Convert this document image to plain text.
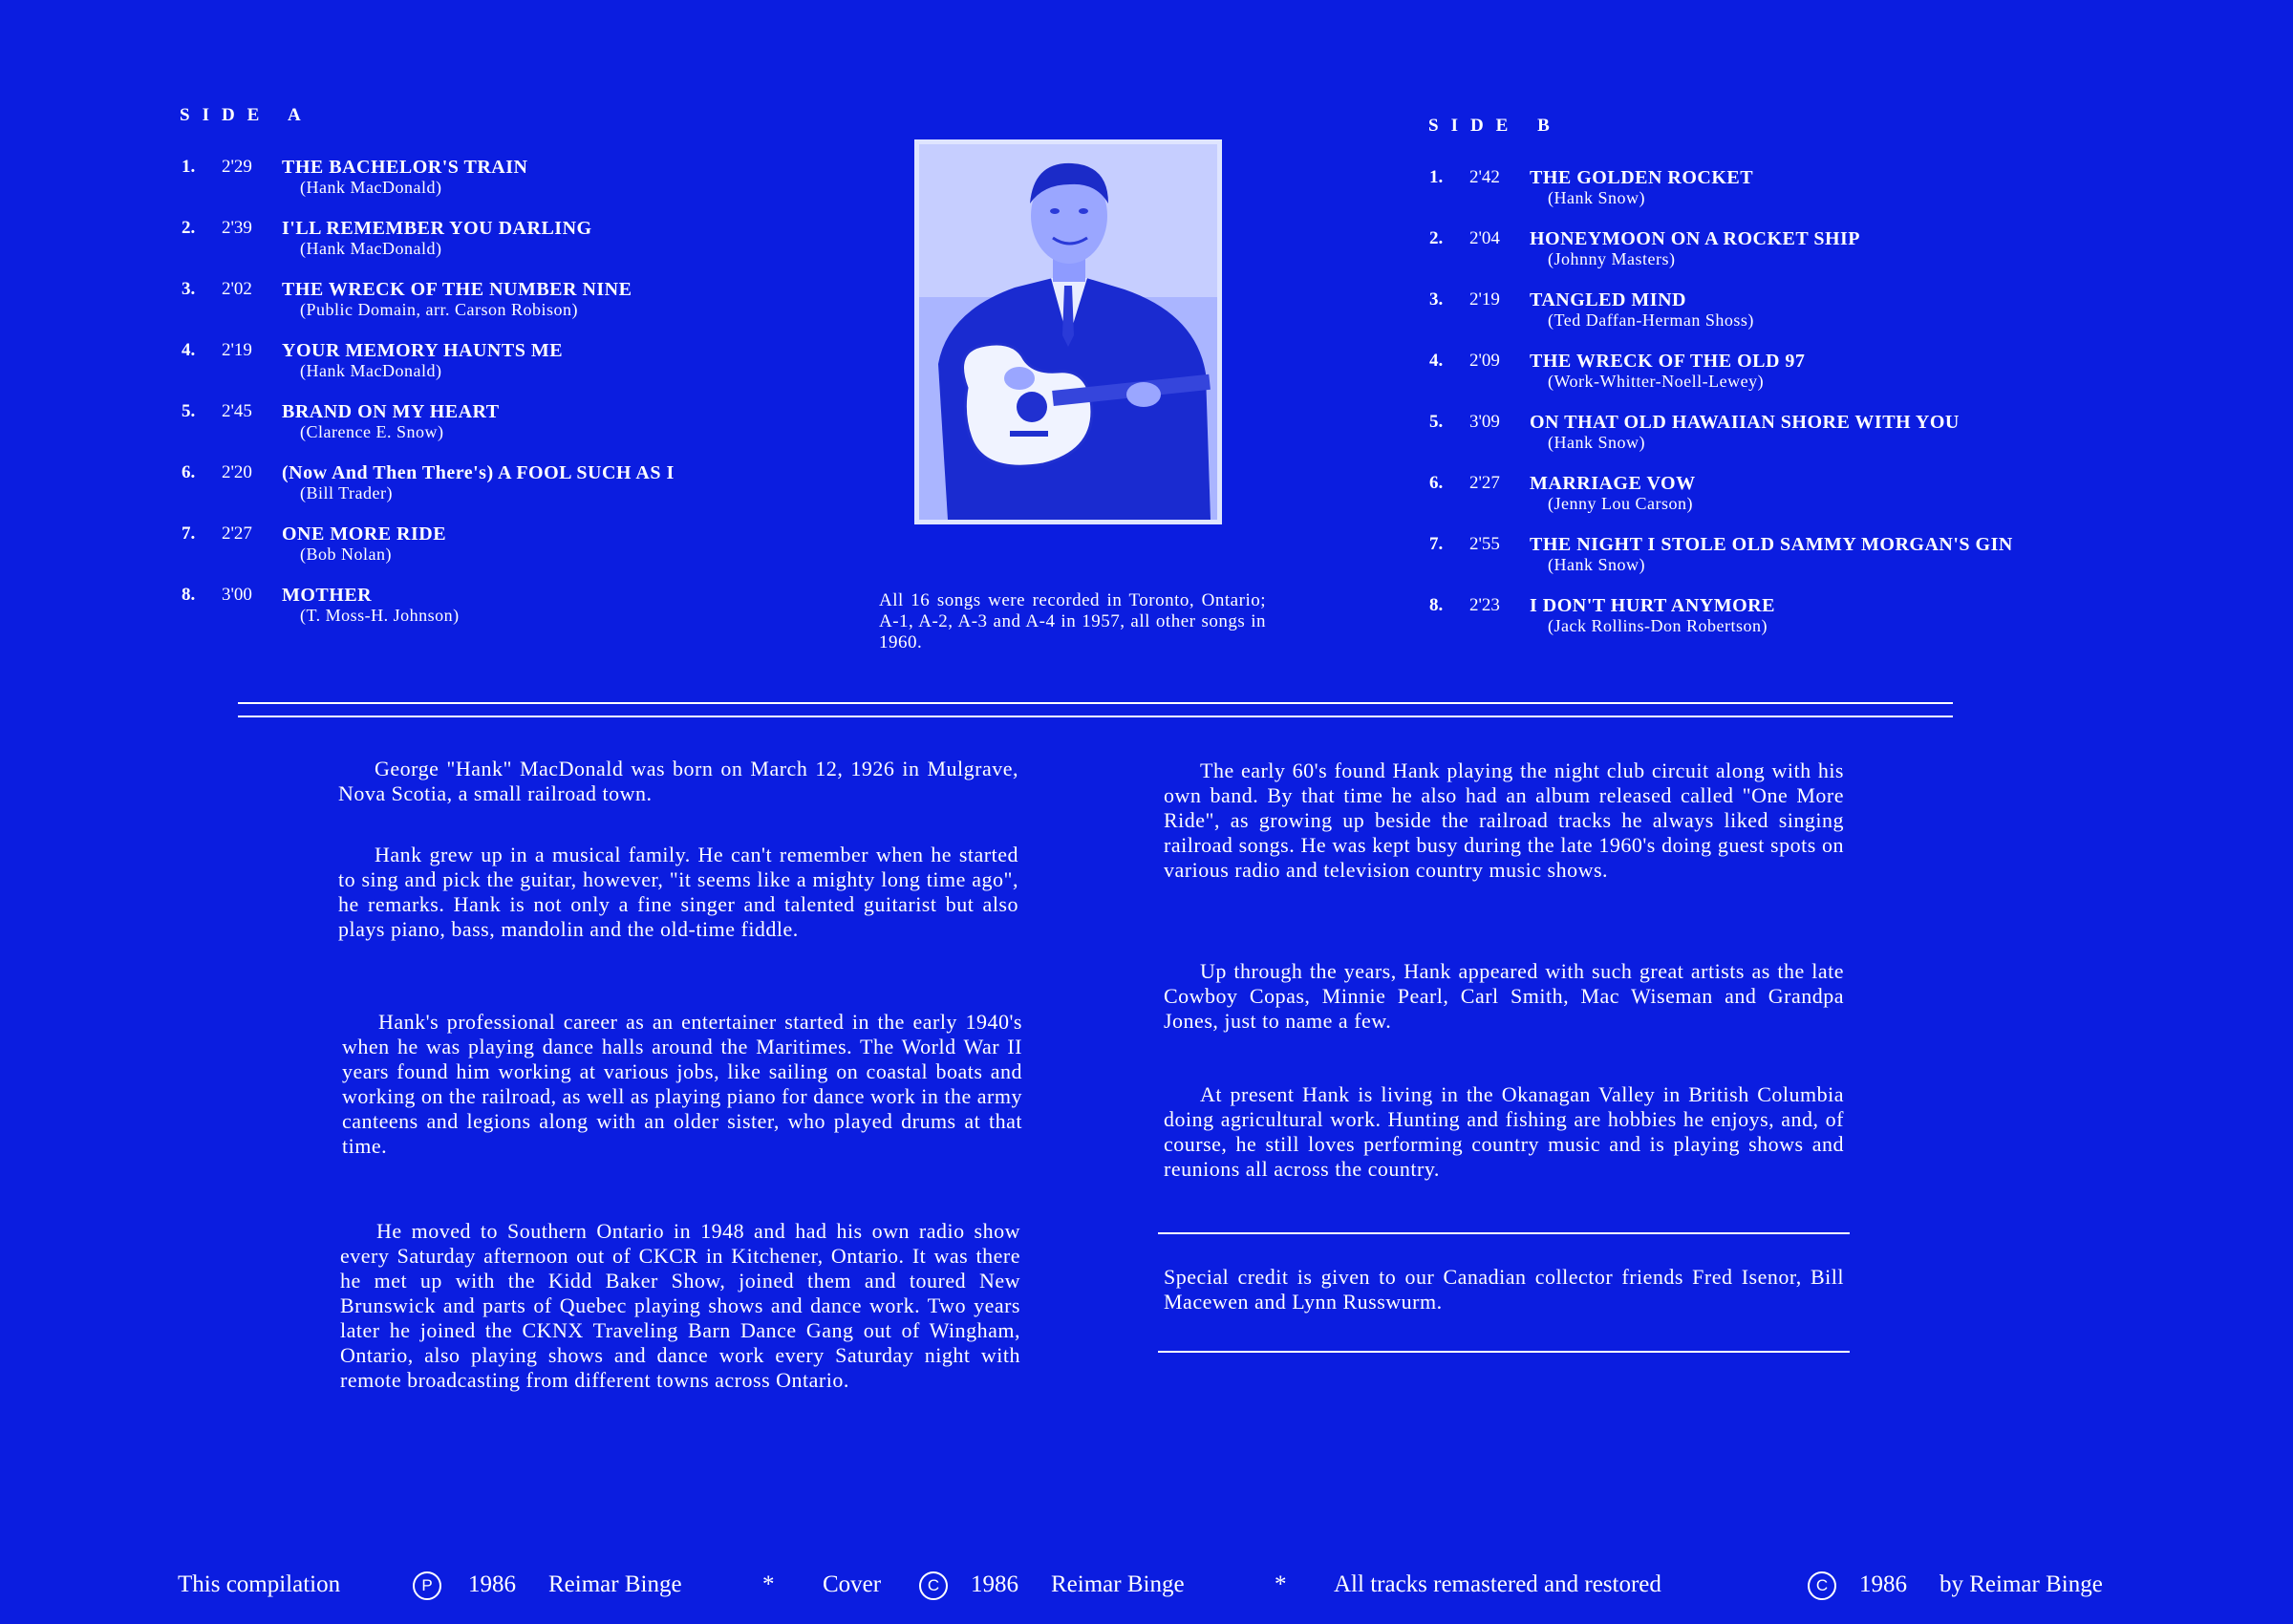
SIDE A
1. 2'29 THE BACHELOR'S TRAIN
(Hank MacDonald)
2. 2'39 I'LL REMEMBER YOU DARLING
(Hank MacDonald)
3. 2'02 THE WRECK OF THE NUMBER NINE
(Public Domain, arr. Carson Robison)
4. 2'19 YOUR MEMORY HAUNTS ME
(Hank MacDonald)
5. 2'45 BRAND ON MY HEART
(Clarence E. Snow)
6. 2'20 (Now And Then There's) A FOOL SUCH AS I
(Bill Trader)
7. 2'27 ONE MORE RIDE
(Bob Nolan)
8. 3'00 MOTHER
(T. Moss-H. Johnson)
All 16 songs were recorded in Toronto, Ontario; A-1, A-2, A-3 and A-4 in 1957, all other songs in 1960.
SIDE B
1. 2'42 THE GOLDEN ROCKET
(Hank Snow)
2. 2'04 HONEYMOON ON A ROCKET SHIP
(Johnny Masters)
3. 2'19 TANGLED MIND
(Ted Daffan-Herman Shoss)
4. 2'09 THE WRECK OF THE OLD 97
(Work-Whitter-Noell-Lewey)
5. 3'09 ON THAT OLD HAWAIIAN SHORE WITH YOU
(Hank Snow)
6. 2'27 MARRIAGE VOW
(Jenny Lou Carson)
7. 2'55 THE NIGHT I STOLE OLD SAMMY MORGAN'S GIN
(Hank Snow)
8. 2'23 I DON'T HURT ANYMORE
(Jack Rollins-Don Robertson)
George "Hank" MacDonald was born on March 12, 1926 in Mulgrave, Nova Scotia, a small railroad town.
Hank grew up in a musical family. He can't remember when he started to sing and pick the guitar, however, "it seems like a mighty long time ago", he remarks. Hank is not only a fine singer and talented guitarist but also plays piano, bass, mandolin and the old-time fiddle.
Hank's professional career as an entertainer started in the early 1940's when he was playing dance halls around the Maritimes. The World War II years found him working at various jobs, like sailing on coastal boats and working on the railroad, as well as playing piano for dance work in the army canteens and legions along with an older sister, who played drums at that time.
He moved to Southern Ontario in 1948 and had his own radio show every Saturday afternoon out of CKCR in Kitchener, Ontario. It was there he met up with the Kidd Baker Show, joined them and toured New Brunswick and parts of Quebec playing shows and dance work. Two years later he joined the CKNX Traveling Barn Dance Gang out of Wingham, Ontario, also playing shows and dance work every Saturday night with remote broadcasting from different towns across Ontario.
The early 60's found Hank playing the night club circuit along with his own band. By that time he also had an album released called "One More Ride", as growing up beside the railroad tracks he always liked singing railroad songs. He was kept busy during the late 1960's doing guest spots on various radio and television country music shows.
Up through the years, Hank appeared with such great artists as the late Cowboy Copas, Minnie Pearl, Carl Smith, Mac Wiseman and Grandpa Jones, just to name a few.
At present Hank is living in the Okanagan Valley in British Columbia doing agricultural work. Hunting and fishing are hobbies he enjoys, and, of course, he still loves performing country music and is playing shows and reunions all across the country.
Special credit is given to our Canadian collector friends Fred Isenor, Bill Macewen and Lynn Russwurm.
This compilation	P	1986 Reimar Binge	* Cover	C	1986 Reimar Binge	* All tracks remastered and restored	C	1986 by Reimar Binge
